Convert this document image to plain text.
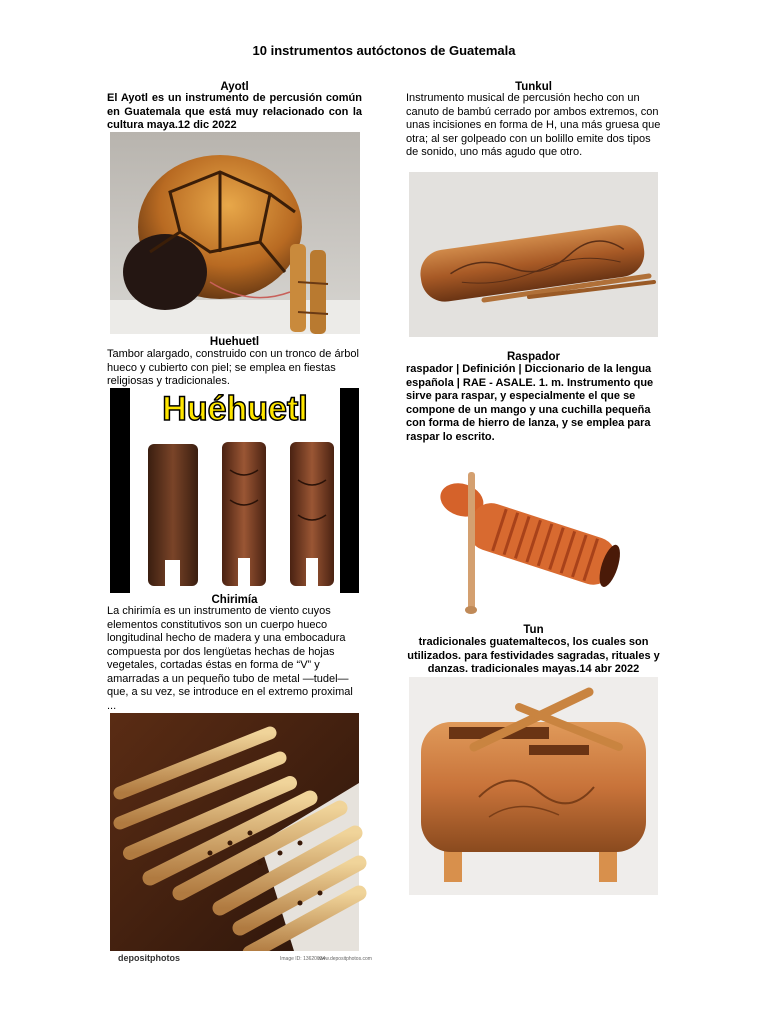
10 instrumentos autóctonos de Guatemala
Ayotl
El Ayotl es un instrumento de percusión común en Guatemala que está muy relacionado con la cultura maya.12 dic 2022
Tunkul
Instrumento musical de percusión hecho con un canuto de bambú cerrado por ambos extremos, con unas incisiones en forma de H, una más gruesa que otra; al ser golpeado con un bolillo emite dos tipos de sonido, uno más agudo que otro.
Huehuetl
Tambor alargado, construido con un tronco de árbol hueco y cubierto con piel; se emplea en fiestas religiosas y tradicionales.
Huéhuetl
Raspador
raspador | Definición | Diccionario de la lengua española | RAE - ASALE. 1. m. Instrumento que sirve para raspar, y especialmente el que se compone de un mango y una cuchilla pequeña con forma de hierro de lanza, y se emplea para raspar lo escrito.
Chirimía
La chirimía es un instrumento de viento cuyos elementos constitutivos son un cuerpo hueco longitudinal hecho de madera y una embocadura compuesta por dos lengüetas hechas de hojas vegetales, cortadas éstas en forma de “V” y amarradas a un pequeño tubo de metal —tudel— que, a su vez, se introduce en el extremo proximal ...
depositphotos	Image ID: 13620034
www.depositphotos.com
Tun
tradicionales guatemaltecos, los cuales son utilizados. para festividades sagradas, rituales y danzas. tradicionales mayas.14 abr 2022
